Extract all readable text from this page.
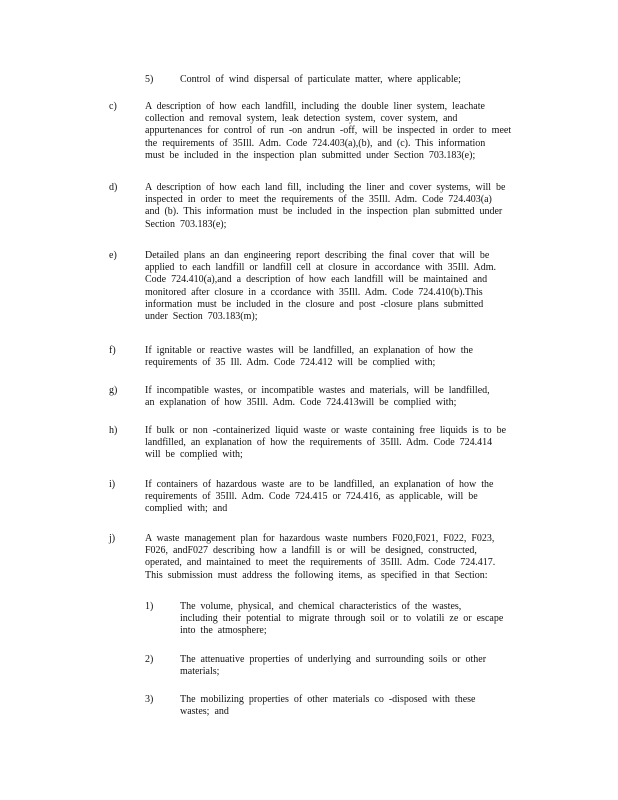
5)	Control of wind dispersal of particulate matter, where applicable;
c)	A description of how each landfill, including the double liner system, leachate
collection and removal system, leak detection system, cover system, and
appurtenances for control of run -on andrun -off, will be inspected in order to meet
the requirements of 35Ill. Adm. Code 724.403(a),(b), and (c). This information
must be included in the inspection plan submitted under Section 703.183(e);
d)	A description of how each land fill, including the liner and cover systems, will be
inspected in order to meet the requirements of the 35Ill. Adm. Code 724.403(a)
and (b). This information must be included in the inspection plan submitted under
Section 703.183(e);
e)	Detailed plans an dan engineering report describing the final cover that will be
applied to each landfill or landfill cell at closure in accordance with 35Ill. Adm.
Code 724.410(a),and a description of how each landfill will be maintained and
monitored after closure in a ccordance with 35Ill. Adm. Code 724.410(b).This
information must be included in the closure and post -closure plans submitted
under Section 703.183(m);
f)	If ignitable or reactive wastes will be landfilled, an explanation of how the
requirements of 35 Ill. Adm. Code 724.412 will be complied with;
g)	If incompatible wastes, or incompatible wastes and materials, will be landfilled,
an explanation of how 35Ill. Adm. Code 724.413will be complied with;
h)	If bulk or non -containerized liquid waste or waste containing free liquids is to be
landfilled, an explanation of how the requirements of 35Ill. Adm. Code 724.414
will be complied with;
i)	If containers of hazardous waste are to be landfilled, an explanation of how the
requirements of 35Ill. Adm. Code 724.415 or 724.416, as applicable, will be
complied with; and
j)	A waste management plan for hazardous waste numbers F020,F021, F022, F023,
F026, andF027 describing how a landfill is or will be designed, constructed,
operated, and maintained to meet the requirements of 35Ill. Adm. Code 724.417.
This submission must address the following items, as specified in that Section:
1)	The volume, physical, and chemical characteristics of the wastes,
including their potential to migrate through soil or to volatili ze or escape
into the atmosphere;
2)	The attenuative properties of underlying and surrounding soils or other
materials;
3)	The mobilizing properties of other materials co -disposed with these
wastes; and
